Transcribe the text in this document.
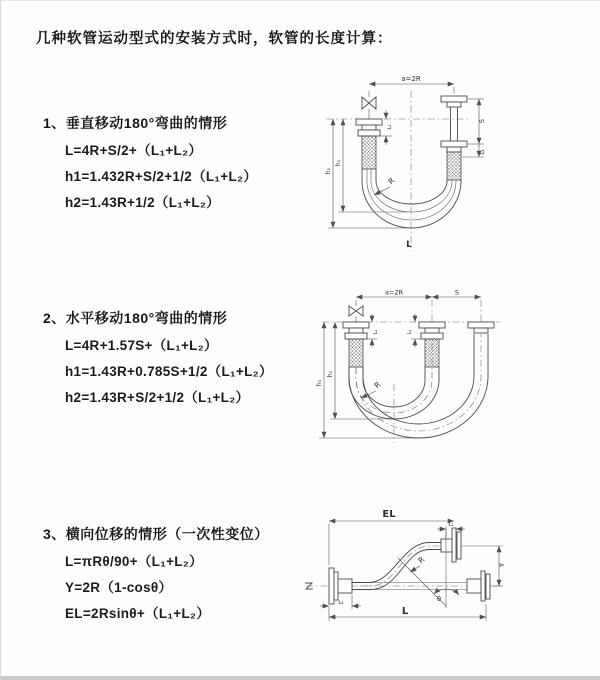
几种软管运动型式的安装方式时，软管的长度计算：
1、垂直移动180°弯曲的情形
L=4R+S/2+（L₁+L₂）
h1=1.432R+S/2+1/2（L₁+L₂）
h2=1.43R+1/2（L₁+L₂）
2、水平移动180°弯曲的情形
L=4R+1.57S+（L₁+L₂）
h1=1.43R+0.785S+1/2（L₁+L₂）
h2=1.43R+S/2+1/2（L₁+L₂）
3、横向位移的情形（一次性变位）
L=πRθ/90+（L₁+L₂）
Y=2R（1-cosθ）
EL=2Rsinθ+（L₁+L₂）
a=2R
h₁
h₂
L₁
S
L₂
R
L
a=2R	S
h₁
h₂
L₁	L₂
R
EL
L₁
Y
θ
R
L
L₂
